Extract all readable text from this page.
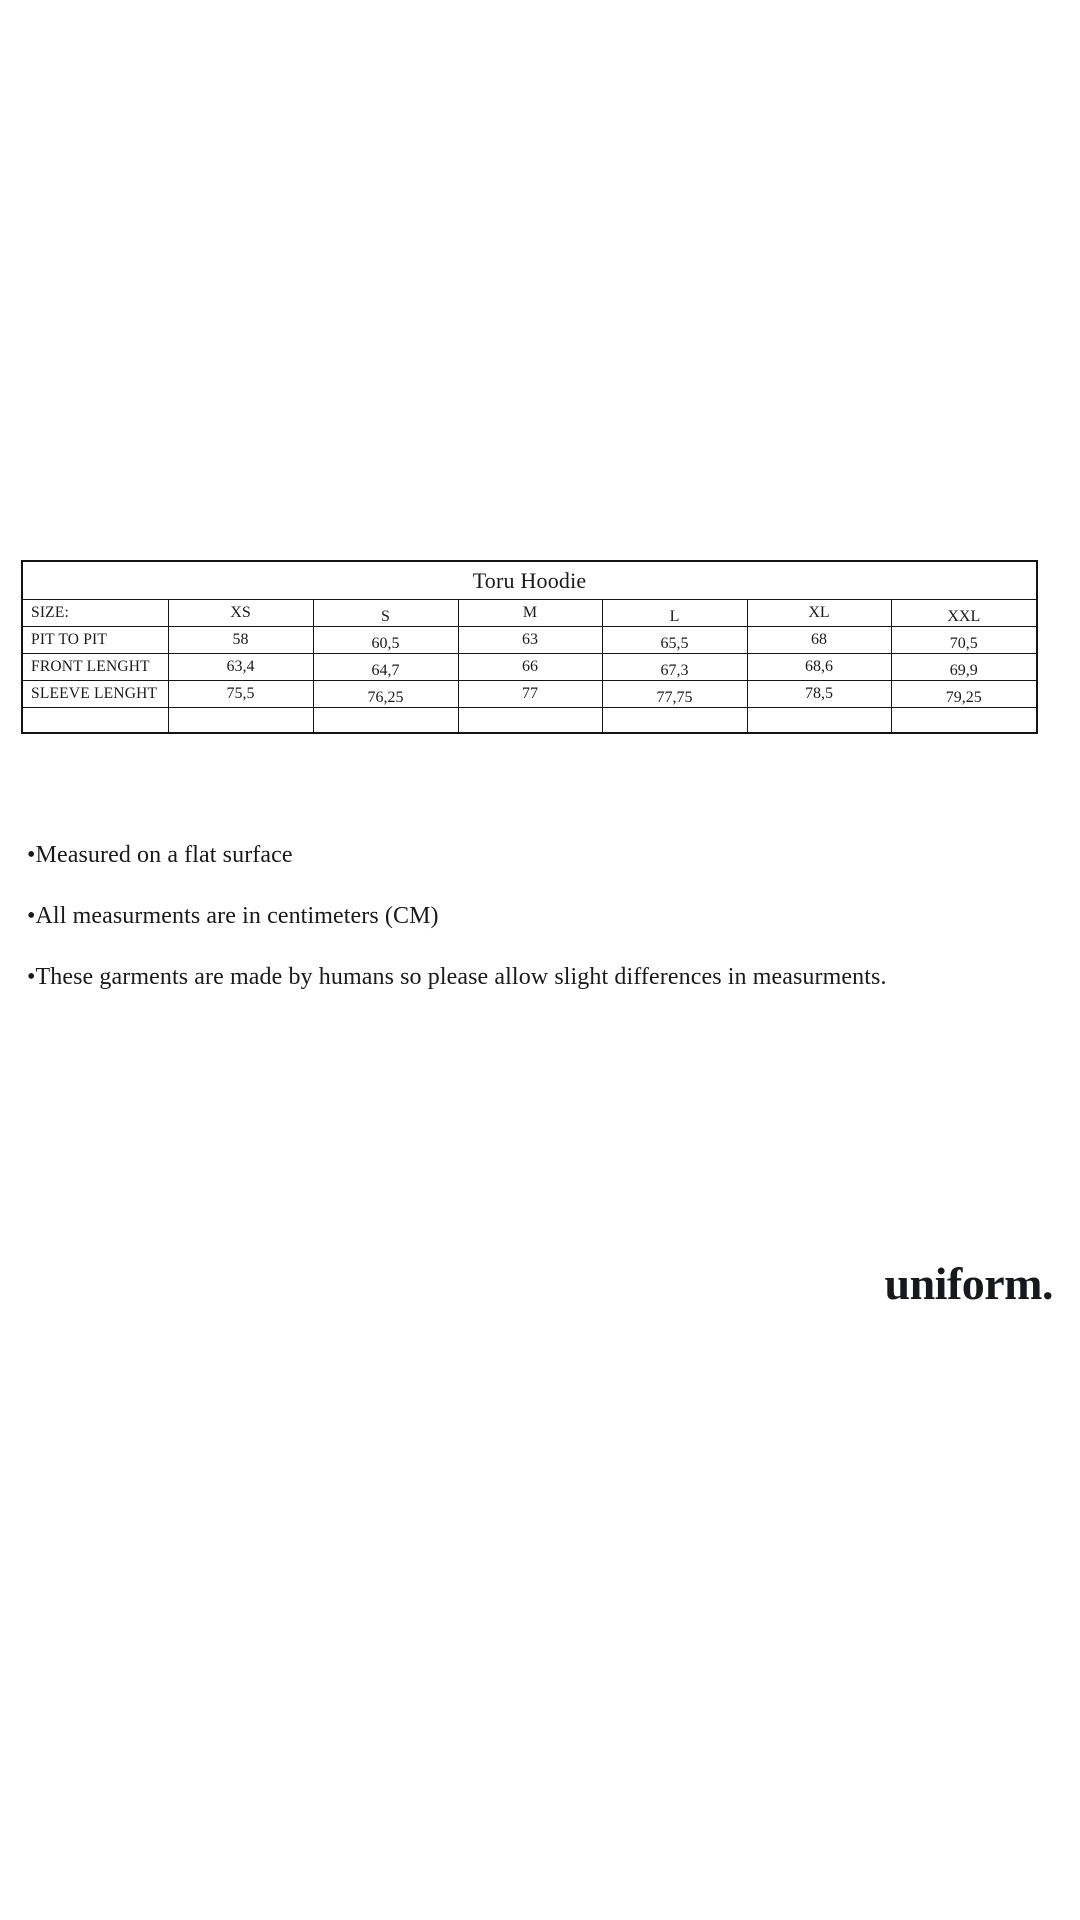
Toru Hoodie						
SIZE:	XS	S	M	L	XL	XXL
PIT TO PIT	58	60,5	63	65,5	68	70,5
FRONT LENGHT	63,4	64,7	66	67,3	68,6	69,9
SLEEVE LENGHT	75,5	76,25	77	77,75	78,5	79,25

•Measured on a flat surface

•All measurments are in centimeters (CM)

•These garments are made by humans so please allow slight differences in measurments.

uniform.
